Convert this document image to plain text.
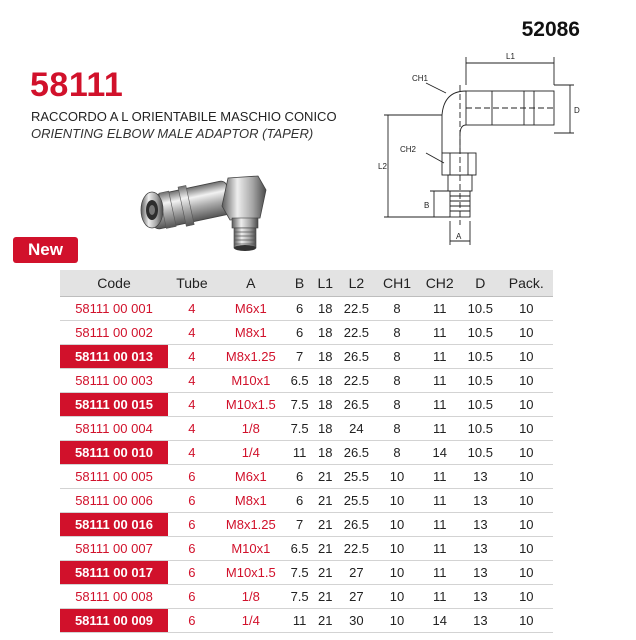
52086
58111
RACCORDO A L ORIENTABILE MASCHIO CONICO
ORIENTING ELBOW MALE ADAPTOR (TAPER)
L1
CH1
D
L2
CH2
B
A
New
Code	Tube	A	B	L1	L2	CH1	CH2	D	Pack.
58111 00 001	4	M6x1	6	18	22.5	8	11	10.5	10
58111 00 002	4	M8x1	6	18	22.5	8	11	10.5	10
58111 00 013	4	M8x1.25	7	18	26.5	8	11	10.5	10
58111 00 003	4	M10x1	6.5	18	22.5	8	11	10.5	10
58111 00 015	4	M10x1.5	7.5	18	26.5	8	11	10.5	10
58111 00 004	4	1/8	7.5	18	24	8	11	10.5	10
58111 00 010	4	1/4	11	18	26.5	8	14	10.5	10
58111 00 005	6	M6x1	6	21	25.5	10	11	13	10
58111 00 006	6	M8x1	6	21	25.5	10	11	13	10
58111 00 016	6	M8x1.25	7	21	26.5	10	11	13	10
58111 00 007	6	M10x1	6.5	21	22.5	10	11	13	10
58111 00 017	6	M10x1.5	7.5	21	27	10	11	13	10
58111 00 008	6	1/8	7.5	21	27	10	11	13	10
58111 00 009	6	1/4	11	21	30	10	14	13	10
